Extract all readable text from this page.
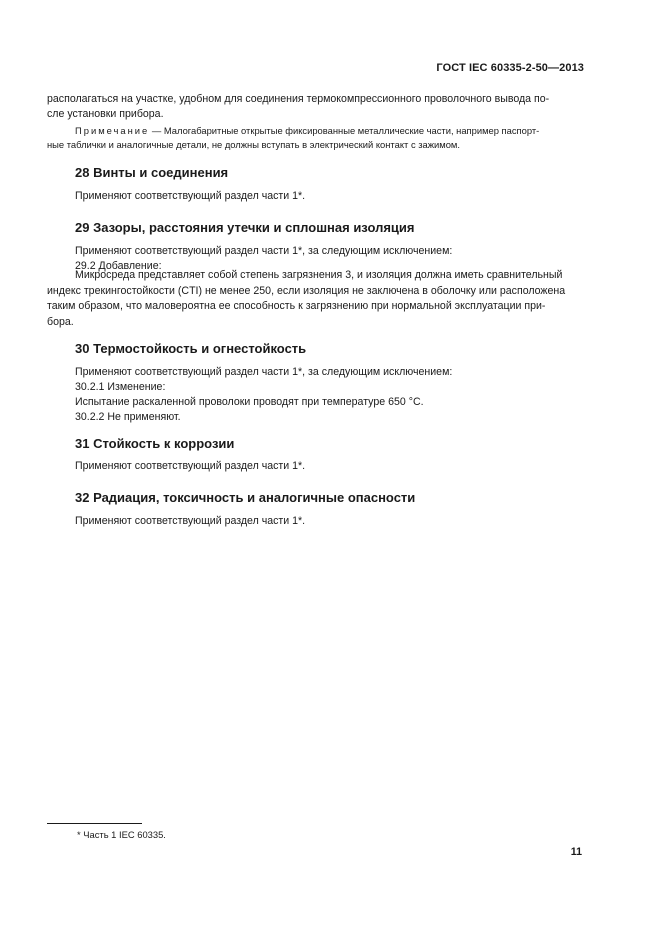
ГОСТ IEC 60335-2-50—2013
располагаться на участке, удобном для соединения термокомпрессионного проволочного вывода по-
сле установки прибора.
Примечание — Малогабаритные открытые фиксированные металлические части, например паспорт-
ные таблички и аналогичные детали, не должны вступать в электрический контакт с зажимом.
28 Винты и соединения
Применяют соответствующий раздел части 1*.
29 Зазоры, расстояния утечки и сплошная изоляция
Применяют соответствующий раздел части 1*, за следующим исключением:
29.2 Добавление:
Микросреда представляет собой степень загрязнения 3, и изоляция должна иметь сравнительный
индекс трекингостойкости (CTI) не менее 250, если изоляция не заключена в оболочку или расположена
таким образом, что маловероятна ее способность к загрязнению при нормальной эксплуатации при-
бора.
30 Термостойкость и огнестойкость
Применяют соответствующий раздел части 1*, за следующим исключением:
30.2.1 Изменение:
Испытание раскаленной проволоки проводят при температуре 650 °С.
30.2.2 Не применяют.
31 Стойкость к коррозии
Применяют соответствующий раздел части 1*.
32 Радиация, токсичность и аналогичные опасности
Применяют соответствующий раздел части 1*.
* Часть 1 IEC 60335.
11
